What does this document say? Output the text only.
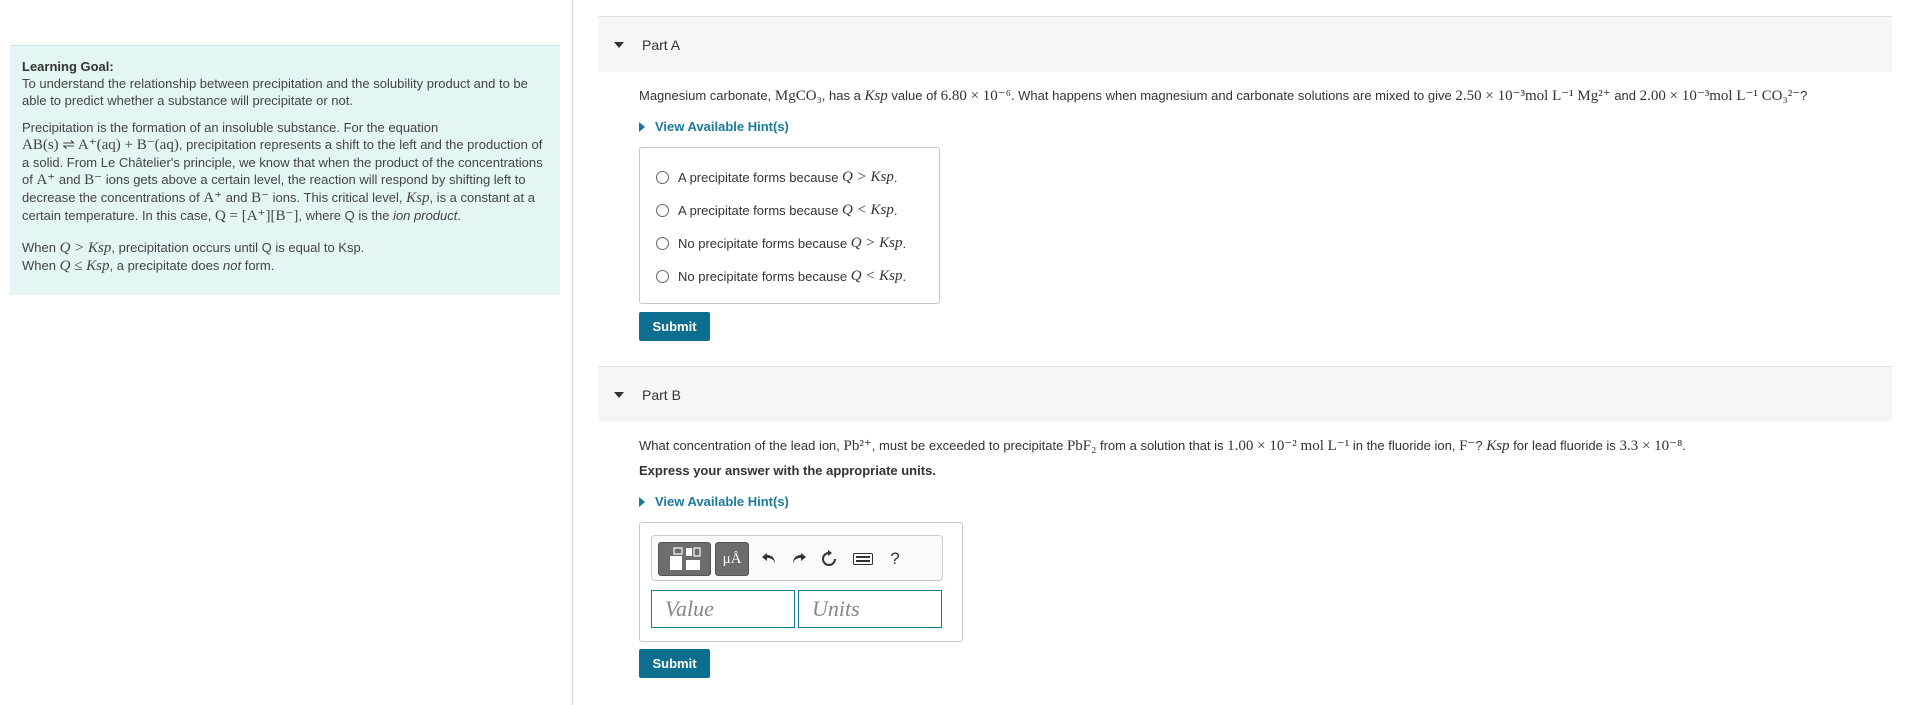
Learning Goal:
To understand the relationship between precipitation and the solubility product and to be able to predict whether a substance will precipitate or not.

Precipitation is the formation of an insoluble substance. For the equation
AB(s) ⇌ A⁺(aq) + B⁻(aq), precipitation represents a shift to the left and the production of a solid. From Le Châtelier's principle, we know that when the product of the concentrations of A⁺ and B⁻ ions gets above a certain level, the reaction will respond by shifting left to decrease the concentrations of A⁺ and B⁻ ions. This critical level, Ksp, is a constant at a certain temperature. In this case, Q = [A⁺][B⁻], where Q is the ion product.

When Q > Ksp, precipitation occurs until Q is equal to Ksp.
When Q ≤ Ksp, a precipitate does not form.

Part A
Magnesium carbonate, MgCO₃, has a Ksp value of 6.80 × 10⁻⁶. What happens when magnesium and carbonate solutions are mixed to give 2.50 × 10⁻³mol L⁻¹ Mg²⁺ and 2.00 × 10⁻³mol L⁻¹ CO₃²⁻?
View Available Hint(s)
A precipitate forms because
Q > Ksp .
A precipitate forms because
Q < Ksp .
No precipitate forms because
Q > Ksp .
No precipitate forms because
Q < Ksp .
Submit
Part B
What concentration of the lead ion, Pb²⁺, must be exceeded to precipitate PbF₂ from a solution that is 1.00 × 10⁻² mol L⁻¹ in the fluoride ion, F⁻? Ksp for lead fluoride is 3.3 × 10⁻⁸.
Express your answer with the appropriate units.
View Available Hint(s)
μÅ	?
Value
Units
Submit
